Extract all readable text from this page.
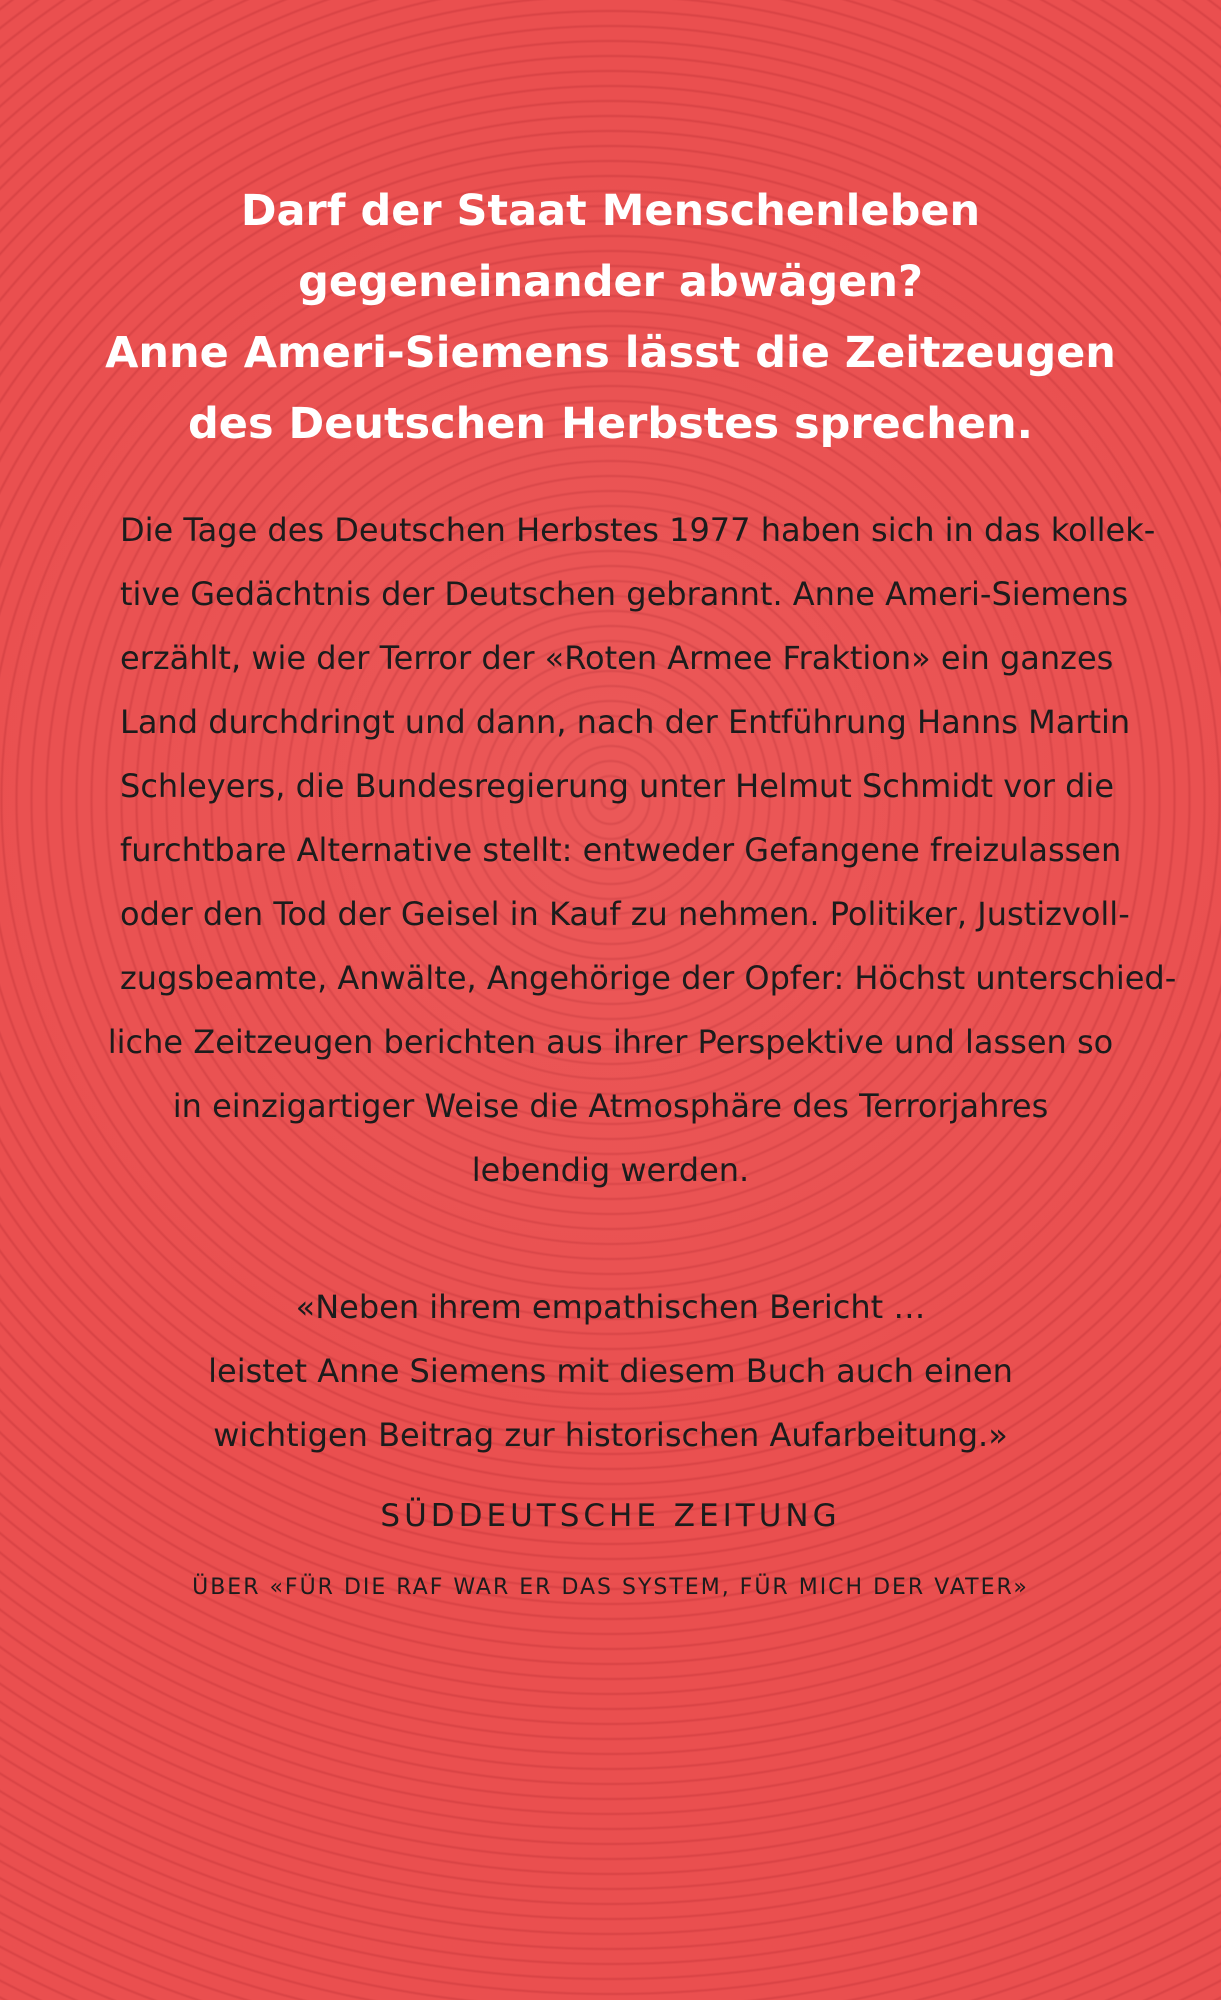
Darf der Staat Menschenleben
gegeneinander abwägen?
Anne Ameri-Siemens lässt die Zeitzeugen
des Deutschen Herbstes sprechen.
Die Tage des Deutschen Herbstes 1977 haben sich in das kollek-
tive Gedächtnis der Deutschen gebrannt. Anne Ameri-Siemens
erzählt, wie der Terror der «Roten Armee Fraktion» ein ganzes
Land durchdringt und dann, nach der Entführung Hanns Martin
Schleyers, die Bundesregierung unter Helmut Schmidt vor die
furchtbare Alternative stellt: entweder Gefangene freizulassen
oder den Tod der Geisel in Kauf zu nehmen. Politiker, Justizvoll-
zugsbeamte, Anwälte, Angehörige der Opfer: Höchst unterschied-
liche Zeitzeugen berichten aus ihrer Perspektive und lassen so
in einzigartiger Weise die Atmosphäre des Terrorjahres
lebendig werden.
«Neben ihrem empathischen Bericht …
leistet Anne Siemens mit diesem Buch auch einen
wichtigen Beitrag zur historischen Aufarbeitung.»
SÜDDEUTSCHE ZEITUNG
ÜBER «FÜR DIE RAF WAR ER DAS SYSTEM, FÜR MICH DER VATER»
